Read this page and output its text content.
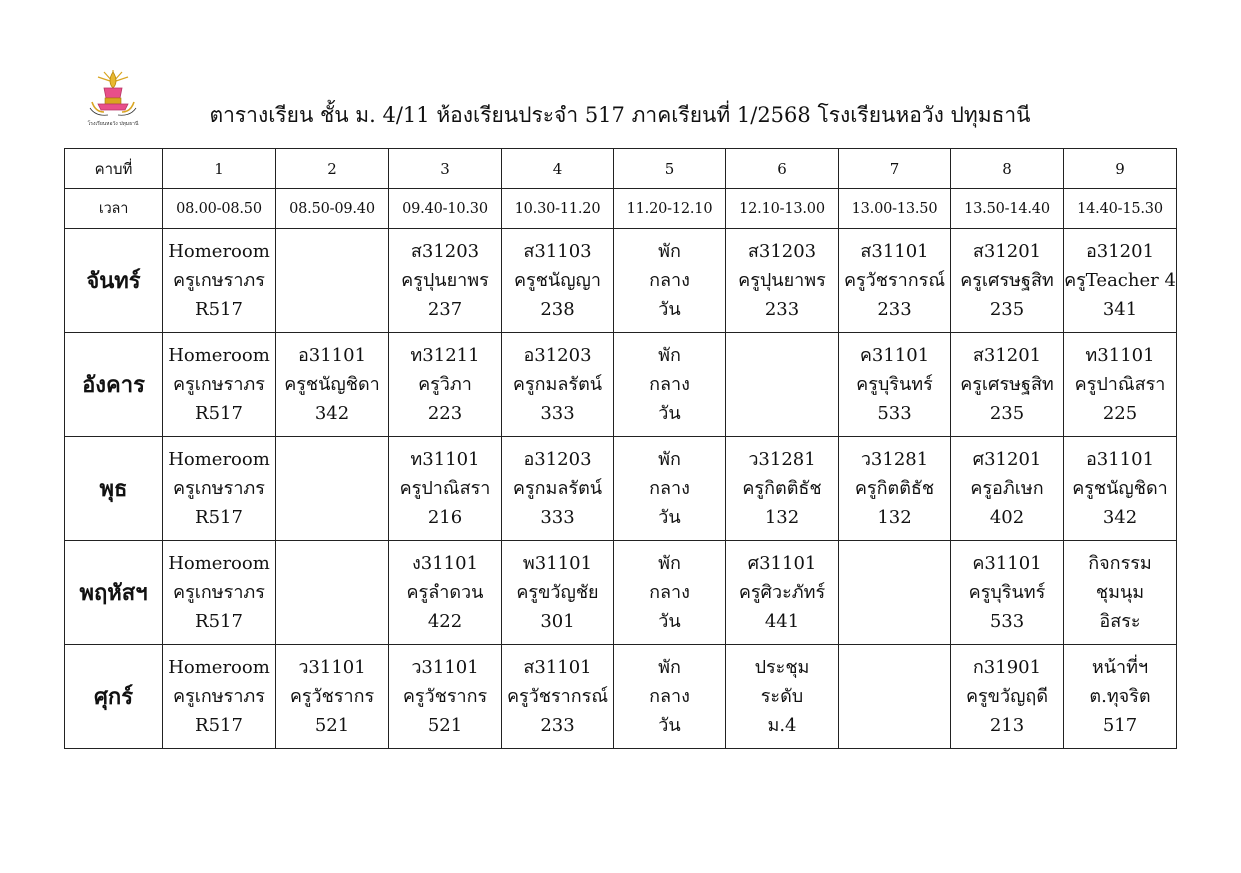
โรงเรียนหอวัง ปทุมธานี	ตารางเรียน ชั้น ม. 4/11 ห้องเรียนประจำ 517 ภาคเรียนที่ 1/2568 โรงเรียนหอวัง ปทุมธานี
คาบที่	1	2	3	4	5	6	7	8	9
เวลา	08.00-08.50	08.50-09.40	09.40-10.30	10.30-11.20	11.20-12.10	12.10-13.00	13.00-13.50	13.50-14.40	14.40-15.30
จันทร์	Homeroom
ครูเกษราภร
R517		ส31203
ครูปุนยาพร
237	ส31103
ครูชนัญญา
238	พัก
กลาง
วัน	ส31203
ครูปุนยาพร
233	ส31101
ครูวัชรากรณ์
233	ส31201
ครูเศรษฐสิท
235	อ31201
ครูTeacher 4
341

อังคาร	Homeroom
ครูเกษราภร
R517	อ31101
ครูชนัญชิดา
342	ท31211
ครูวิภา
223	อ31203
ครูกมลรัตน์
333	พัก
กลาง
วัน		ค31101
ครูบุรินทร์
533	ส31201
ครูเศรษฐสิท
235	ท31101
ครูปาณิสรา
225

พุธ	Homeroom
ครูเกษราภร
R517		ท31101
ครูปาณิสรา
216	อ31203
ครูกมลรัตน์
333	พัก
กลาง
วัน	ว31281
ครูกิตติธัช
132	ว31281
ครูกิตติธัช
132	ศ31201
ครูอภิเษก
402	อ31101
ครูชนัญชิดา
342

พฤหัสฯ	Homeroom
ครูเกษราภร
R517		ง31101
ครูลำดวน
422	พ31101
ครูขวัญชัย
301	พัก
กลาง
วัน	ศ31101
ครูศิวะภัทร์
441		ค31101
ครูบุรินทร์
533	กิจกรรม
ชุมนุม
อิสระ

ศุกร์	Homeroom
ครูเกษราภร
R517	ว31101
ครูวัชรากร
521	ว31101
ครูวัชรากร
521	ส31101
ครูวัชรากรณ์
233	พัก
กลาง
วัน	ประชุม
ระดับ
ม.4		ก31901
ครูขวัญฤดี
213	หน้าที่ฯ
ต.ทุจริต
517
